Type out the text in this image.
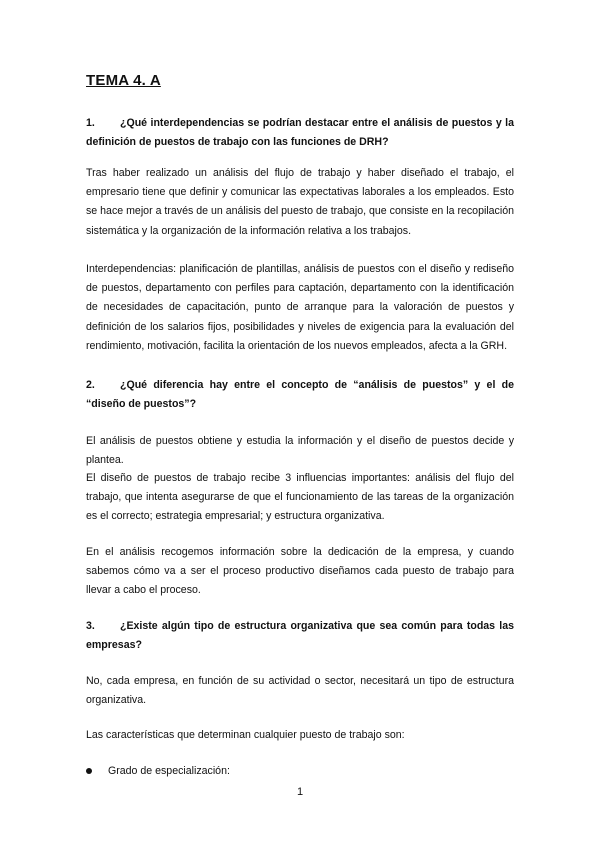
TEMA 4. A

1. ¿Qué interdependencias se podrían destacar entre el análisis de puestos y la definición de puestos de trabajo con las funciones de DRH?

Tras haber realizado un análisis del flujo de trabajo y haber diseñado el trabajo, el empresario tiene que definir y comunicar las expectativas laborales a los empleados. Esto se hace mejor a través de un análisis del puesto de trabajo, que consiste en la recopilación sistemática y la organización de la información relativa a los trabajos.

Interdependencias: planificación de plantillas, análisis de puestos con el diseño y rediseño de puestos, departamento con perfiles para captación, departamento con la identificación de necesidades de capacitación, punto de arranque para la valoración de puestos y definición de los salarios fijos, posibilidades y niveles de exigencia para la evaluación del rendimiento, motivación, facilita la orientación de los nuevos empleados, afecta a la GRH.

2. ¿Qué diferencia hay entre el concepto de “análisis de puestos” y el de “diseño de puestos”?

El análisis de puestos obtiene y estudia la información y el diseño de puestos decide y plantea.

El diseño de puestos de trabajo recibe 3 influencias importantes: análisis del flujo del trabajo, que intenta asegurarse de que el funcionamiento de las tareas de la organización es el correcto; estrategia empresarial; y estructura organizativa.

En el análisis recogemos información sobre la dedicación de la empresa, y cuando sabemos cómo va a ser el proceso productivo diseñamos cada puesto de trabajo para llevar a cabo el proceso.

3. ¿Existe algún tipo de estructura organizativa que sea común para todas las empresas?

No, cada empresa, en función de su actividad o sector, necesitará un tipo de estructura organizativa.

Las características que determinan cualquier puesto de trabajo son:

Grado de especialización:

1
